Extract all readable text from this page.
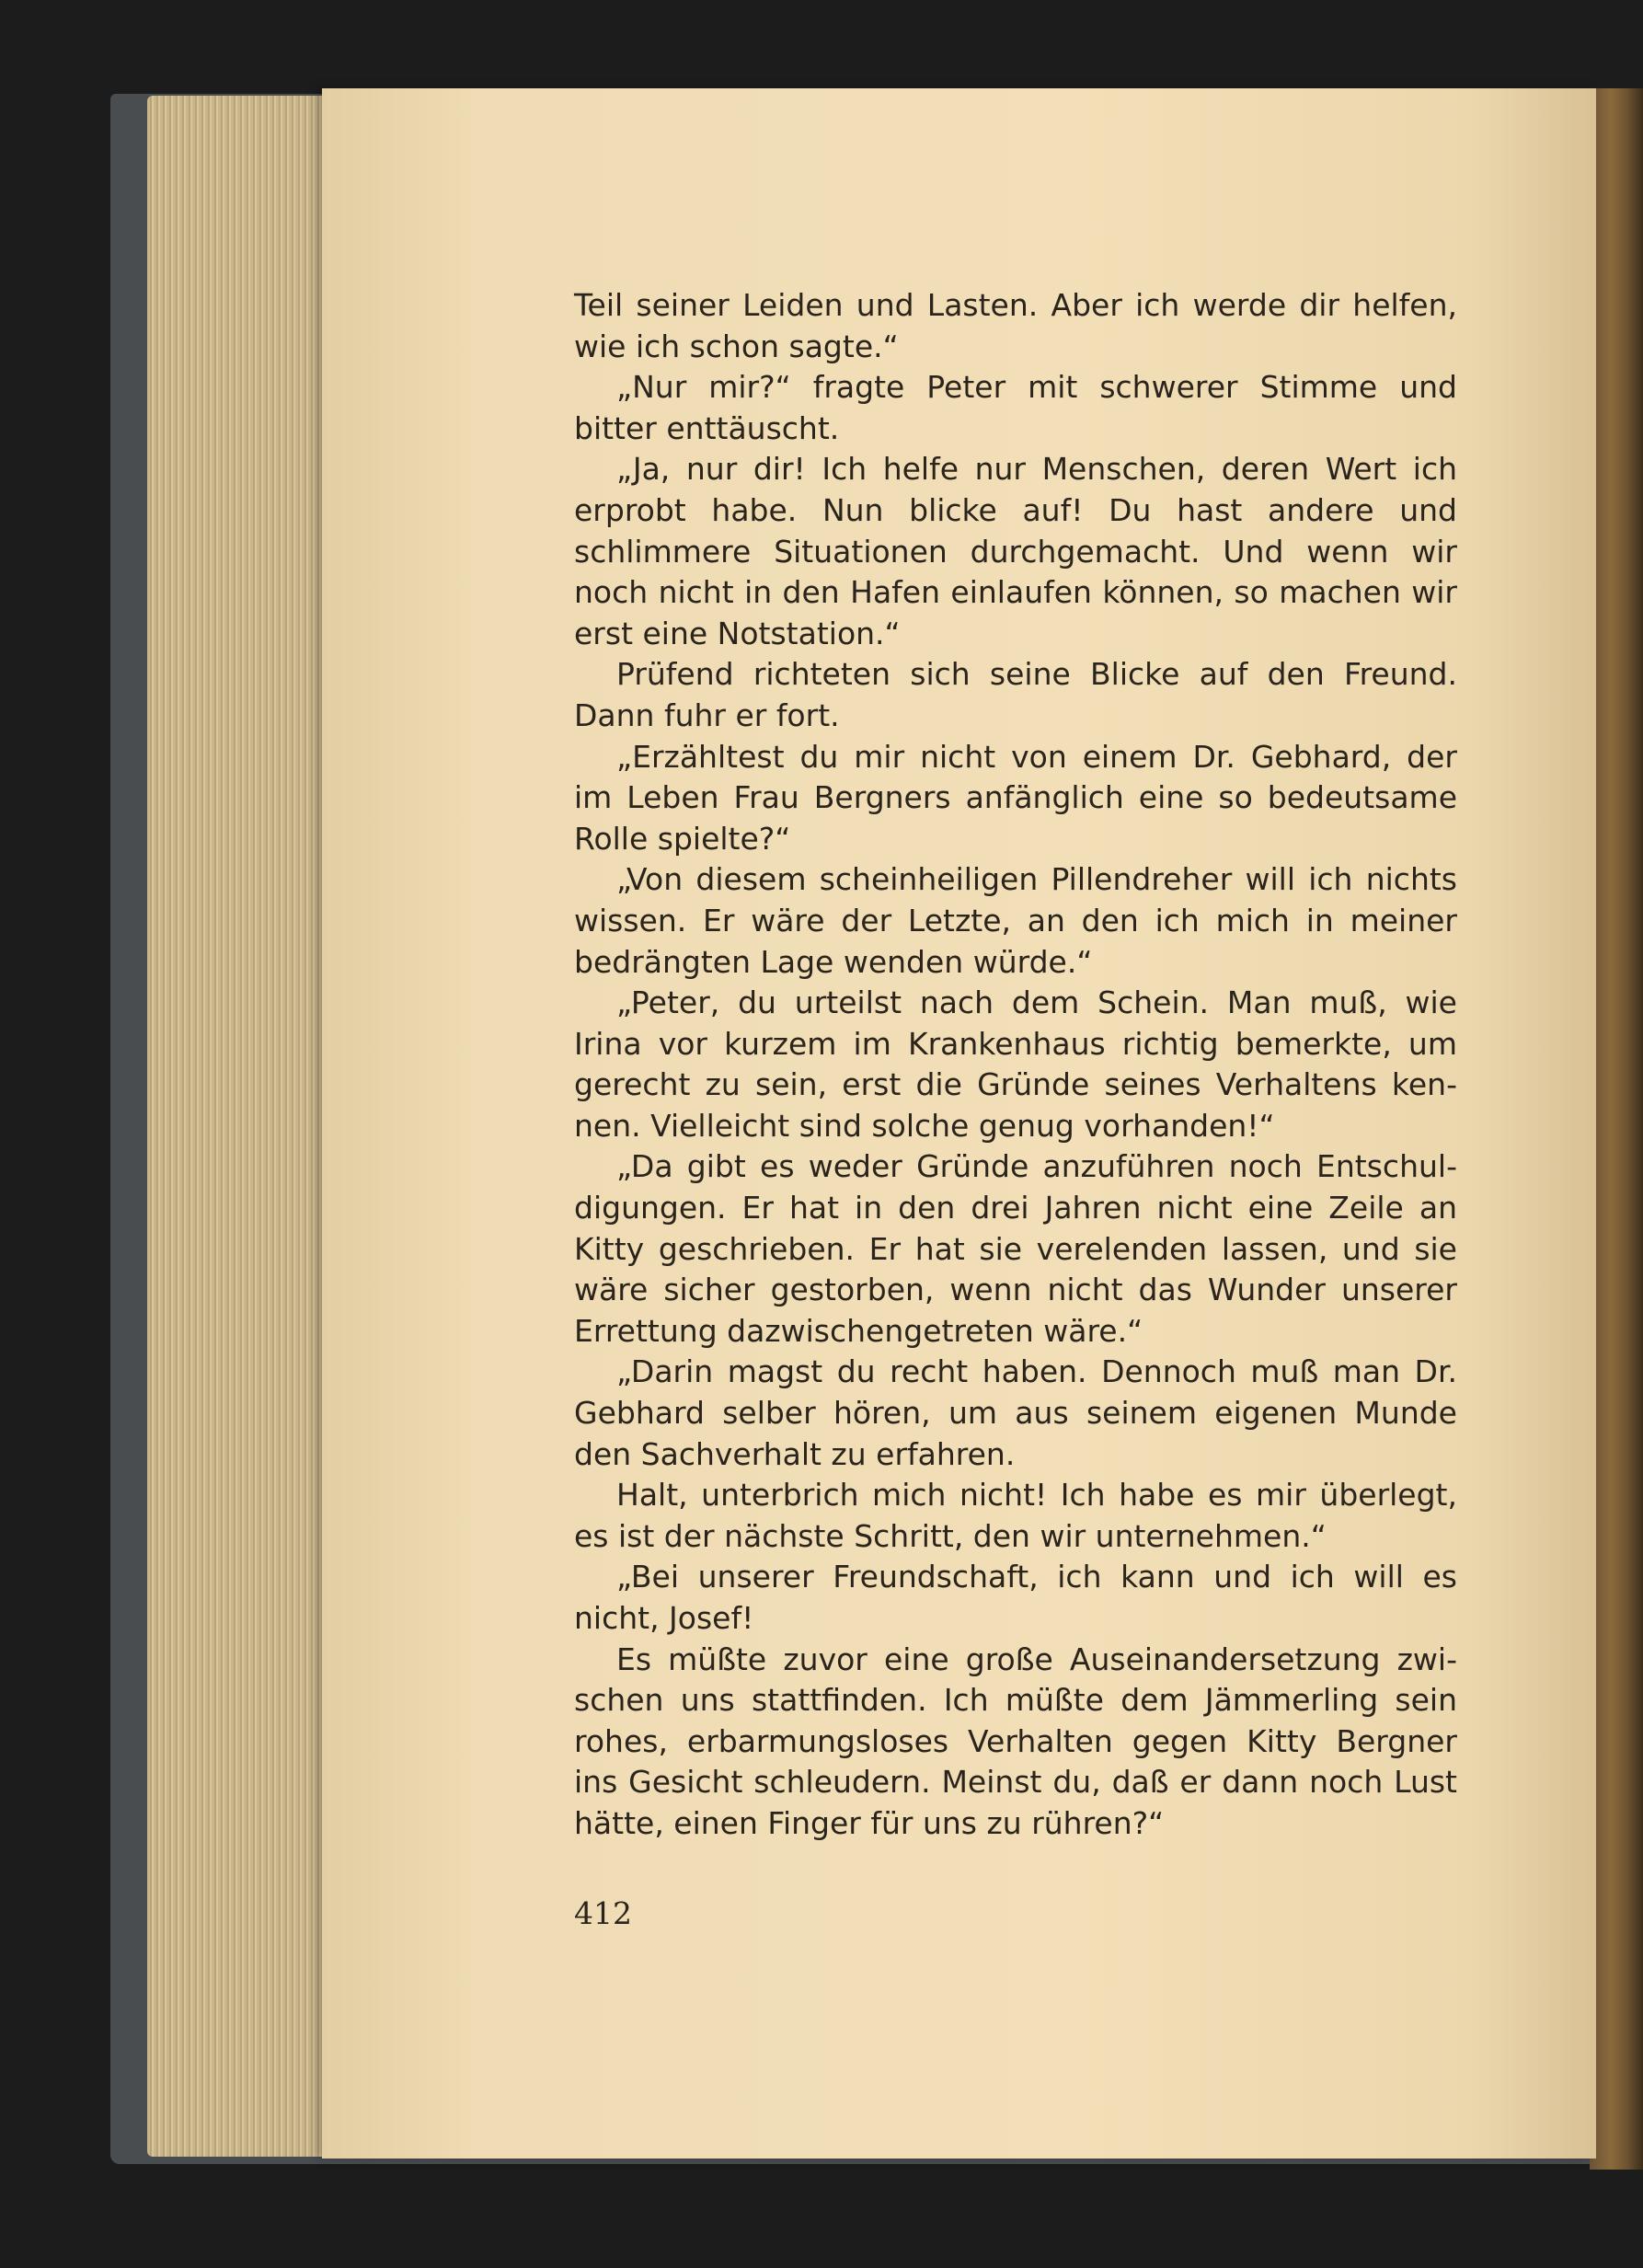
Teil seiner Leiden und Lasten. Aber ich werde dir helfen, wie ich schon sagte.“

„Nur mir?“ fragte Peter mit schwerer Stimme und bitter enttäuscht.

„Ja, nur dir! Ich helfe nur Menschen, deren Wert ich erprobt habe. Nun blicke auf! Du hast andere und schlimmere Situationen durchgemacht. Und wenn wir noch nicht in den Hafen einlaufen können, so machen wir erst eine Notstation.“

Prüfend richteten sich seine Blicke auf den Freund. Dann fuhr er fort.

„Erzähltest du mir nicht von einem Dr. Gebhard, der im Leben Frau Bergners anfänglich eine so bedeutsame Rolle spielte?“

„Von diesem scheinheiligen Pillendreher will ich nichts wissen. Er wäre der Letzte, an den ich mich in meiner bedrängten Lage wenden würde.“

„Peter, du urteilst nach dem Schein. Man muß, wie Irina vor kurzem im Krankenhaus richtig bemerkte, um gerecht zu sein, erst die Gründe seines Verhaltens kennen. Vielleicht sind solche genug vorhanden!“

„Da gibt es weder Gründe anzuführen noch Entschuldigungen. Er hat in den drei Jahren nicht eine Zeile an Kitty geschrieben. Er hat sie verelenden lassen, und sie wäre sicher gestorben, wenn nicht das Wunder unserer Errettung dazwischengetreten wäre.“

„Darin magst du recht haben. Dennoch muß man Dr. Gebhard selber hören, um aus seinem eigenen Munde den Sachverhalt zu erfahren.

Halt, unterbrich mich nicht! Ich habe es mir überlegt, es ist der nächste Schritt, den wir unternehmen.“

„Bei unserer Freundschaft, ich kann und ich will es nicht, Josef!

Es müßte zuvor eine große Auseinandersetzung zwischen uns stattfinden. Ich müßte dem Jämmerling sein rohes, erbarmungsloses Verhalten gegen Kitty Bergner ins Gesicht schleudern. Meinst du, daß er dann noch Lust hätte, einen Finger für uns zu rühren?“

412
